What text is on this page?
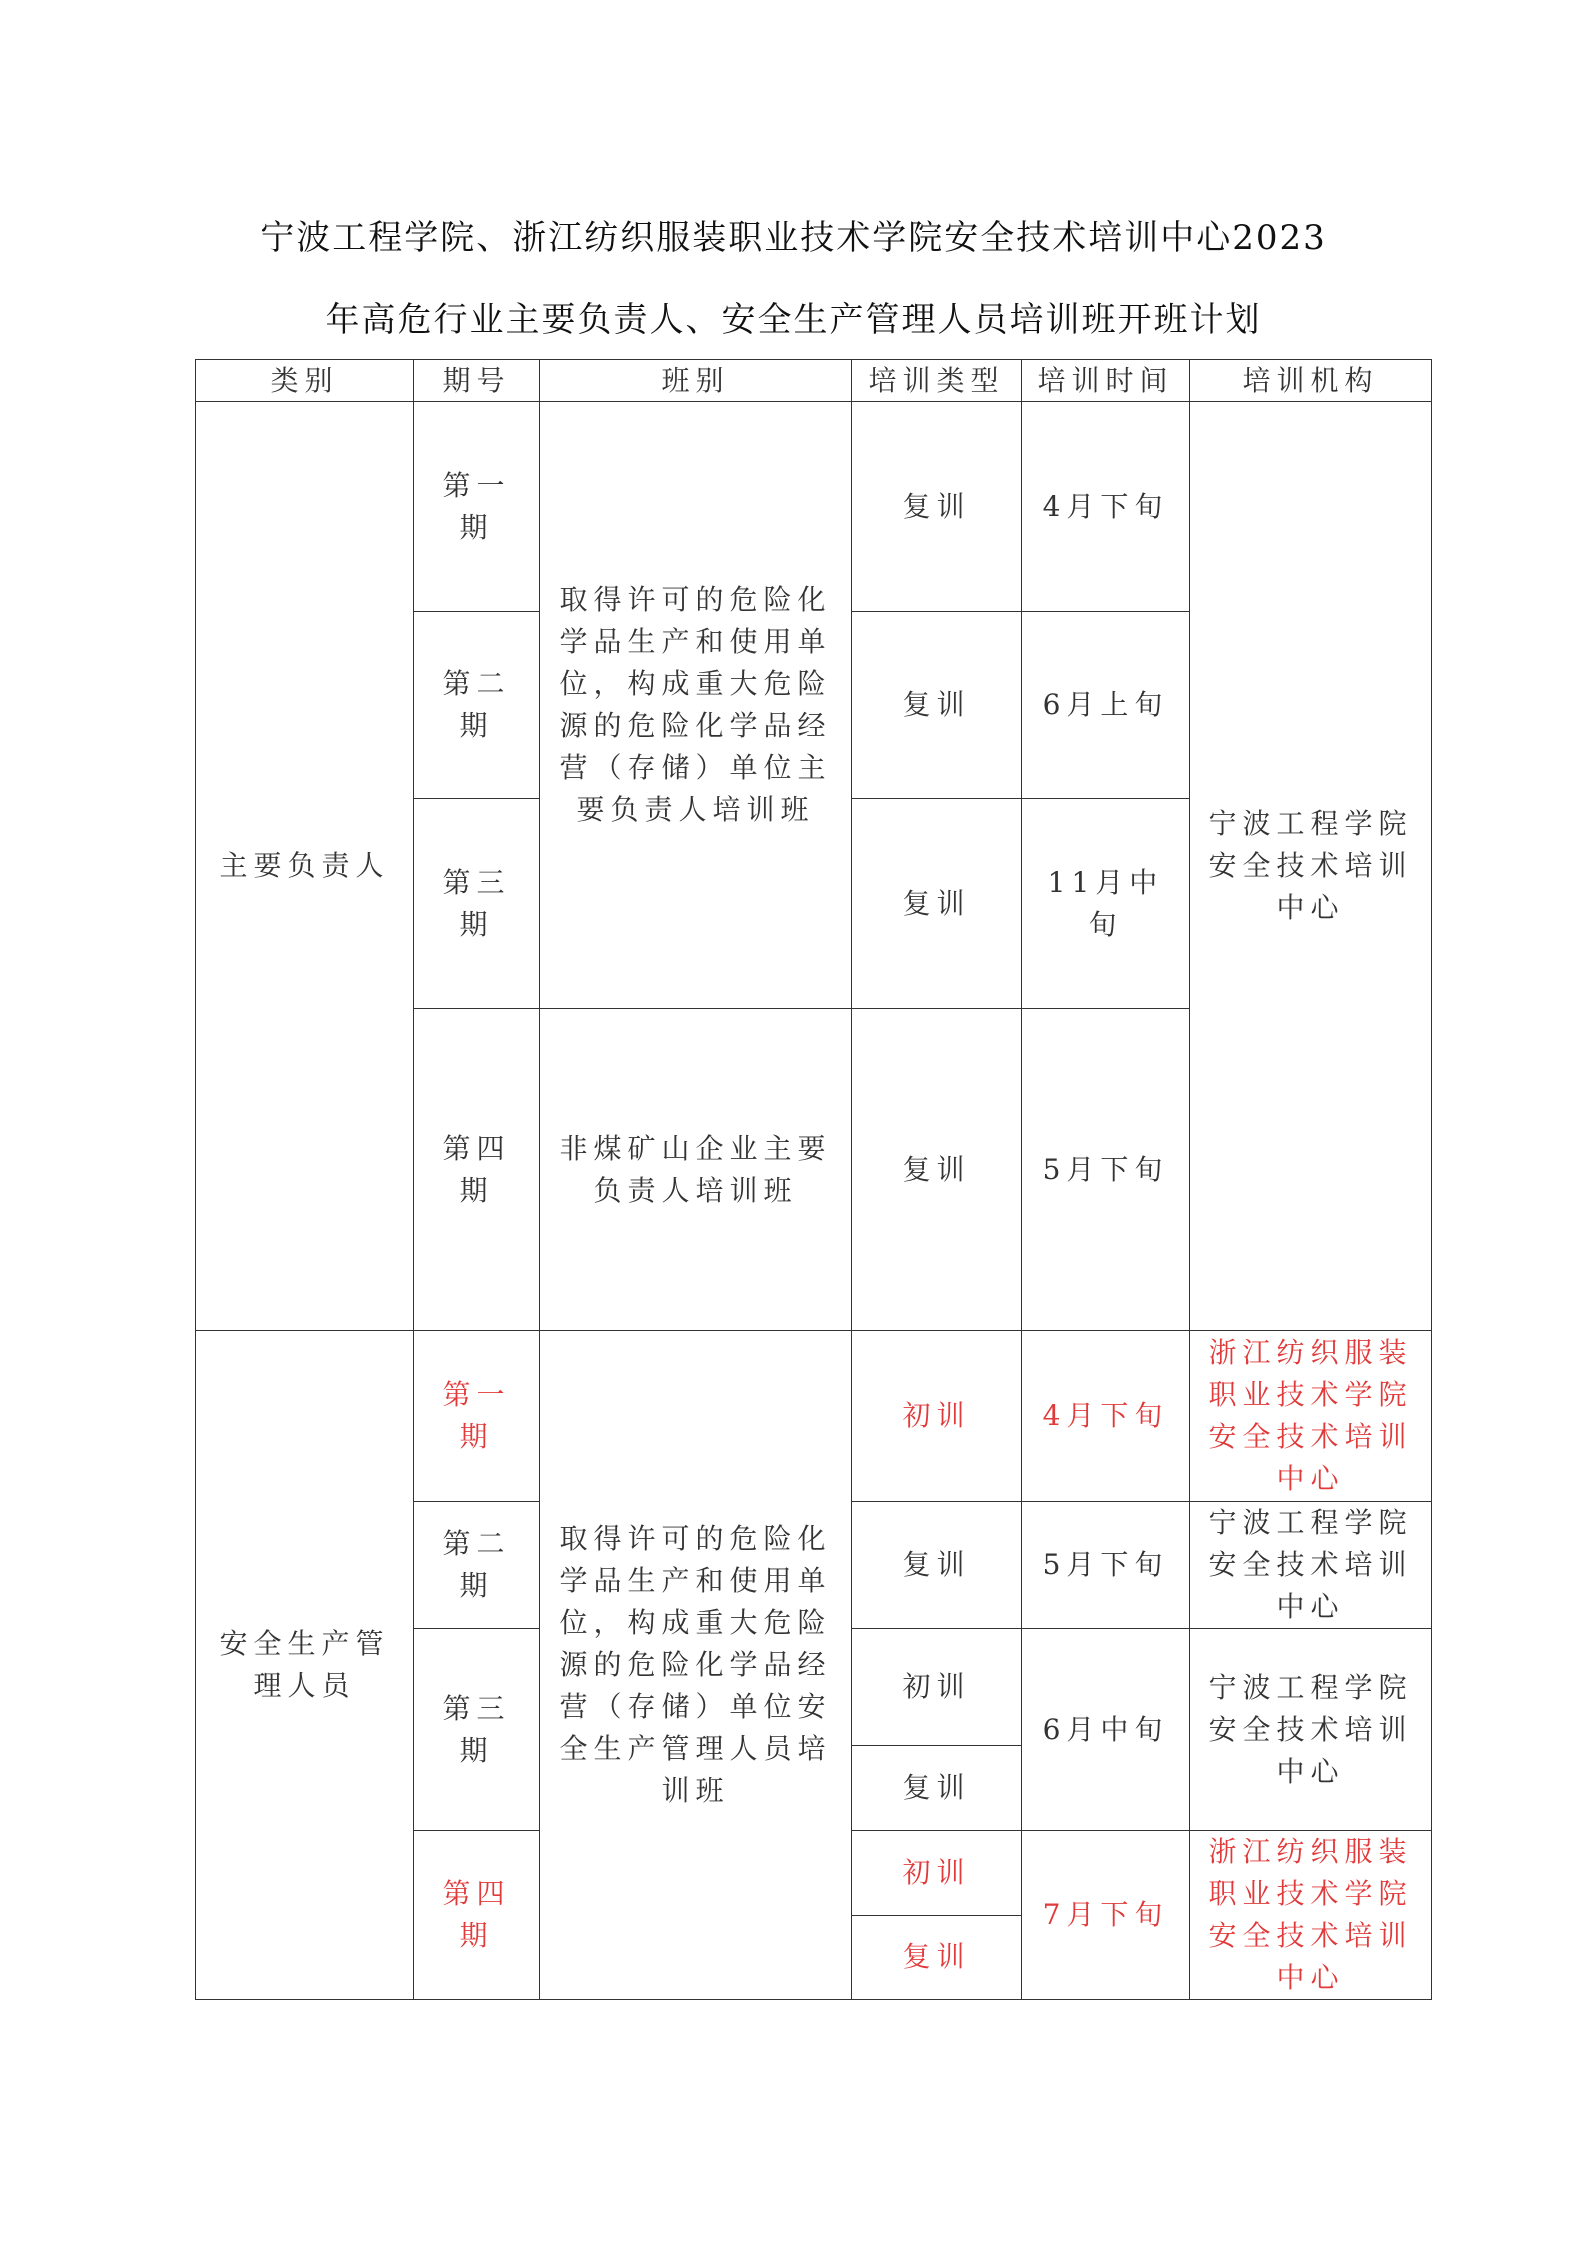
宁波工程学院、浙江纺织服装职业技术学院安全技术培训中心2023
年高危行业主要负责人、安全生产管理人员培训班开班计划
类别	期号	班别	培训类型	培训时间	培训机构
主要负责人	第一期	取得许可的危险化学品生产和使用单位，构成重大危险源的危险化学品经营（存储）单位主要负责人培训班	复训	4月下旬	宁波工程学院安全技术培训中心
	第二期		复训	6月上旬	
	第三期		复训	11月中旬	
	第四期	非煤矿山企业主要负责人培训班	复训	5月下旬	
安全生产管理人员	第一期	取得许可的危险化学品生产和使用单位，构成重大危险源的危险化学品经营（存储）单位安全生产管理人员培训班	初训	4月下旬	浙江纺织服装职业技术学院安全技术培训中心
	第二期		复训	5月下旬	宁波工程学院安全技术培训中心
	第三期		初训	6月中旬	宁波工程学院安全技术培训中心
			复训		
	第四期		初训	7月下旬	浙江纺织服装职业技术学院安全技术培训中心
			复训		
